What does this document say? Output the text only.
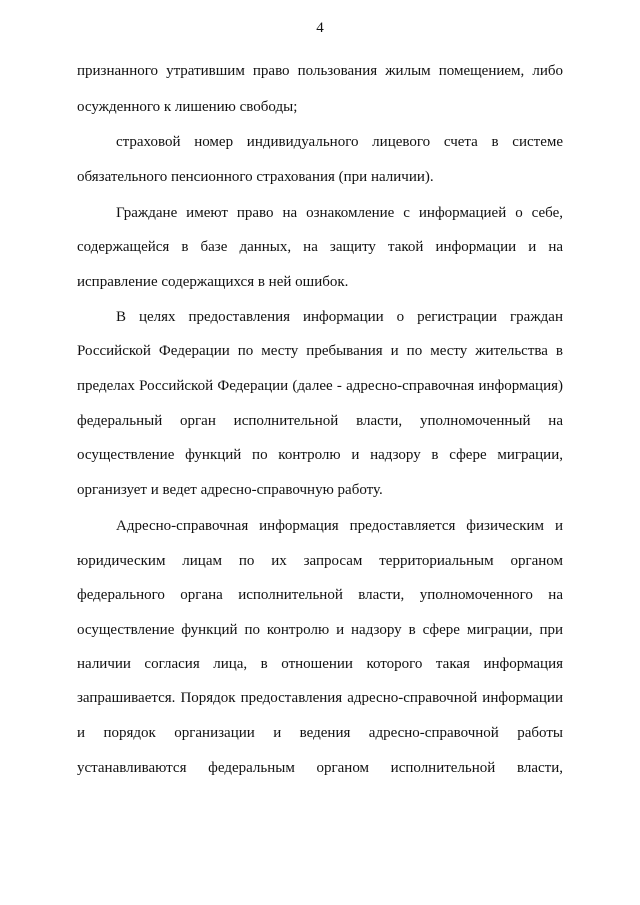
4
признанного утратившим право пользования жилым помещением, либо
осужденного к лишению свободы;
страховой номер индивидуального лицевого счета в системе
обязательного пенсионного страхования (при наличии).
Граждане имеют право на ознакомление с информацией о себе,
содержащейся в базе данных, на защиту такой информации и на
исправление содержащихся в ней ошибок.
В целях предоставления информации о регистрации граждан
Российской Федерации по месту пребывания и по месту жительства в
пределах Российской Федерации (далее - адресно-справочная информация)
федеральный орган исполнительной власти, уполномоченный на
осуществление функций по контролю и надзору в сфере миграции,
организует и ведет адресно-справочную работу.
Адресно-справочная информация предоставляется физическим и
юридическим лицам по их запросам территориальным органом
федерального органа исполнительной власти, уполномоченного на
осуществление функций по контролю и надзору в сфере миграции, при
наличии согласия лица, в отношении которого такая информация
запрашивается. Порядок предоставления адресно-справочной информации
и порядок организации и ведения адресно-справочной работы
устанавливаются федеральным органом исполнительной власти,
